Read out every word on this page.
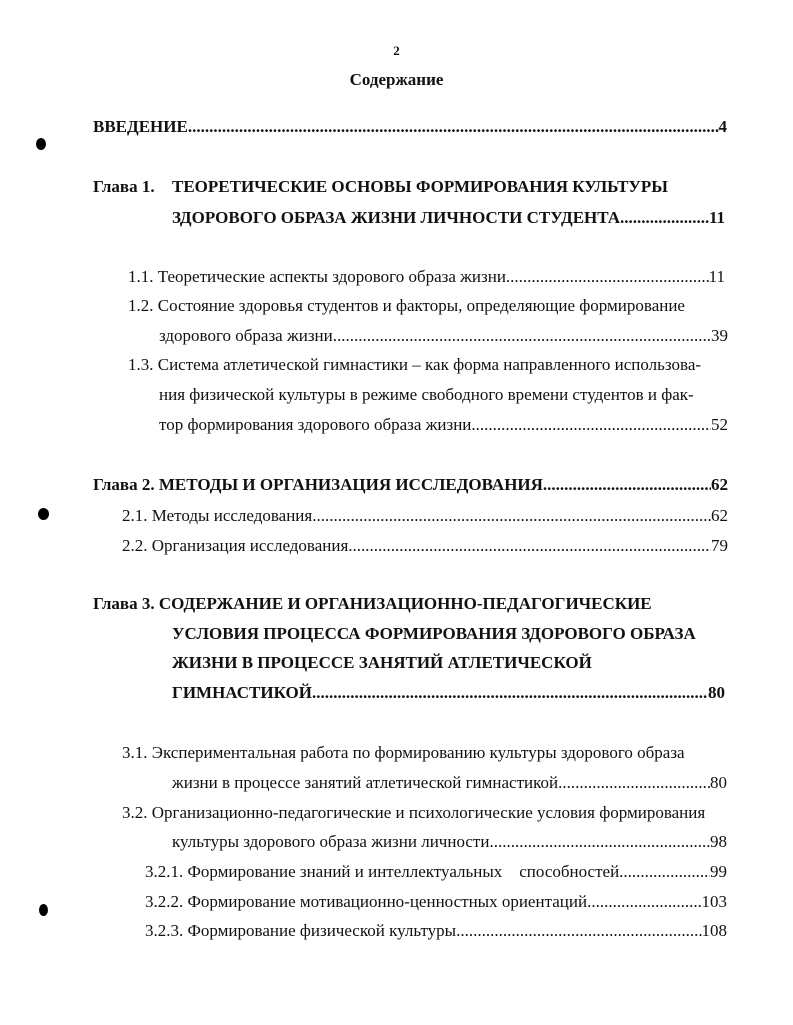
2
Содержание
ВВЕДЕНИЕ .....	4
Глава 1.	ТЕОРЕТИЧЕСКИЕ ОСНОВЫ ФОРМИРОВАНИЯ КУЛЬТУРЫ
ЗДОРОВОГО ОБРАЗА ЖИЗНИ ЛИЧНОСТИ СТУДЕНТА .....	11
1.1. Теоретические аспекты здорового образа жизни .....	11
1.2. Состояние здоровья студентов и факторы, определяющие формирование
здорового образа жизни .....	39
1.3. Система атлетической гимнастики – как форма направленного использова-
ния физической культуры в режиме свободного времени студентов и фак-
тор формирования здорового образа жизни .....	52
Глава 2. МЕТОДЫ И ОРГАНИЗАЦИЯ ИССЛЕДОВАНИЯ .....	62
2.1. Методы исследования .....	62
2.2. Организация исследования .....	79
Глава 3. СОДЕРЖАНИЕ И ОРГАНИЗАЦИОННО-ПЕДАГОГИЧЕСКИЕ
УСЛОВИЯ ПРОЦЕССА ФОРМИРОВАНИЯ ЗДОРОВОГО ОБРАЗА
ЖИЗНИ В ПРОЦЕССЕ ЗАНЯТИЙ АТЛЕТИЧЕСКОЙ
ГИМНАСТИКОЙ .....	80
3.1. Экспериментальная работа по формированию культуры здорового образа
жизни в процессе занятий атлетической гимнастикой .....	80
3.2. Организационно-педагогические и психологические условия формирования
культуры здорового образа жизни личности .....	98
3.2.1. Формирование знаний и интеллектуальных    способностей .....	99
3.2.2. Формирование мотивационно-ценностных ориентаций .....	103
3.2.3. Формирование физической культуры .....	108
